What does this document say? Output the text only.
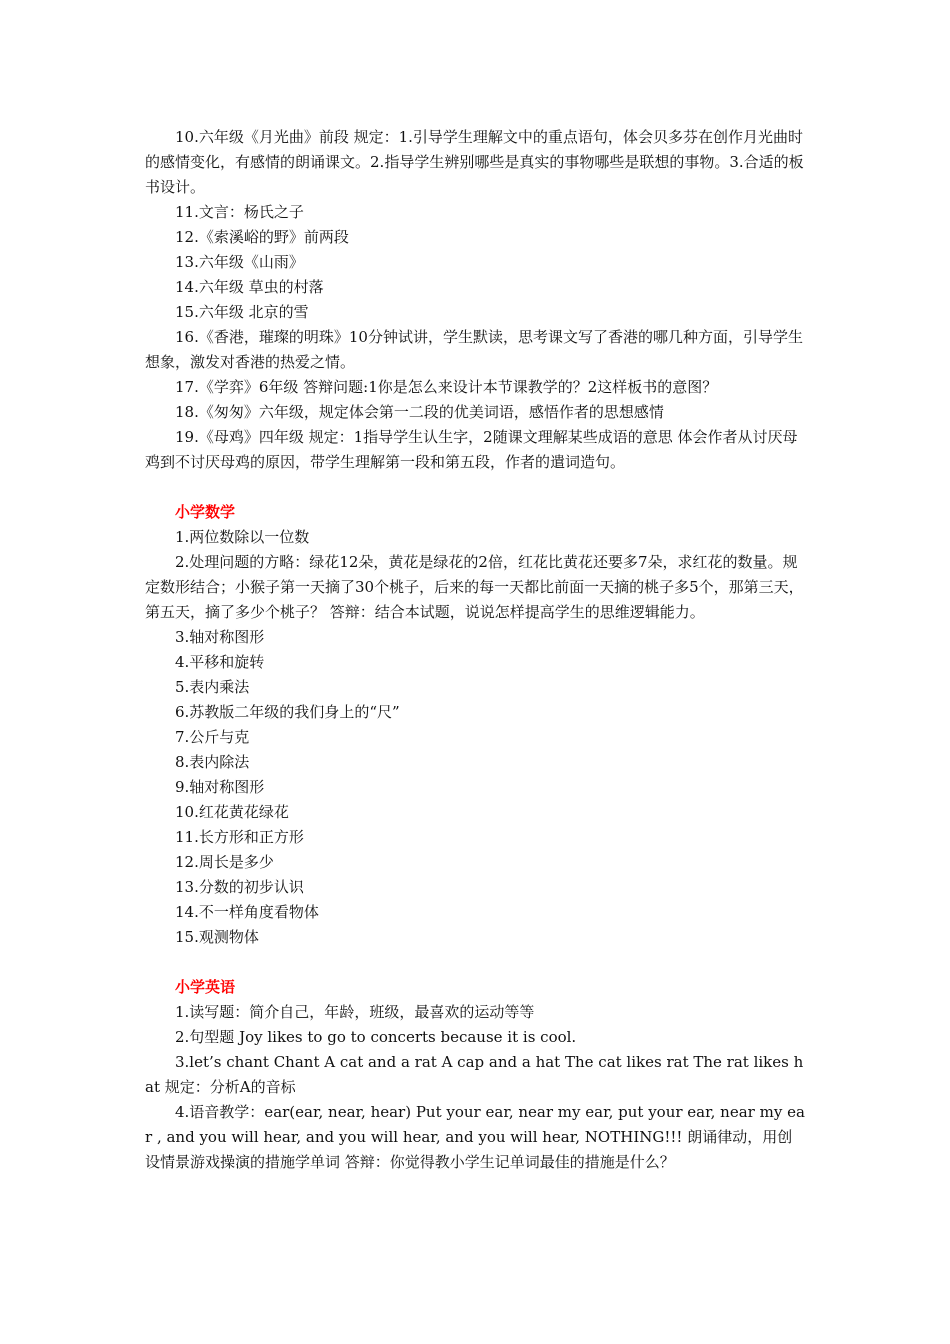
10.六年级《月光曲》前段 规定：1.引导学生理解文中的重点语句，体会贝多芬在创作月光曲时的感情变化，有感情的朗诵课文。2.指导学生辨别哪些是真实的事物哪些是联想的事物。3.合适的板书设计。

11.文言：杨氏之子

12.《索溪峪的野》前两段

13.六年级《山雨》

14.六年级 草虫的村落

15.六年级 北京的雪

16.《香港，璀璨的明珠》10分钟试讲，学生默读，思考课文写了香港的哪几种方面，引导学生想象，激发对香港的热爱之情。

17.《学弈》6年级 答辩问题:1你是怎么来设计本节课教学的？2这样板书的意图？

18.《匆匆》六年级，规定体会第一二段的优美词语，感悟作者的思想感情

19.《母鸡》四年级 规定：1指导学生认生字，2随课文理解某些成语的意思 体会作者从讨厌母鸡到不讨厌母鸡的原因，带学生理解第一段和第五段，作者的遣词造句。

小学数学

1.两位数除以一位数

2.处理问题的方略：绿花12朵，黄花是绿花的2倍，红花比黄花还要多7朵，求红花的数量。规定数形结合；小猴子第一天摘了30个桃子，后来的每一天都比前面一天摘的桃子多5个，那第三天，第五天，摘了多少个桃子？ 答辩：结合本试题，说说怎样提高学生的思维逻辑能力。

3.轴对称图形

4.平移和旋转

5.表内乘法

6.苏教版二年级的我们身上的“尺”

7.公斤与克

8.表内除法

9.轴对称图形

10.红花黄花绿花

11.长方形和正方形

12.周长是多少

13.分数的初步认识

14.不一样角度看物体

15.观测物体

小学英语

1.读写题：简介自己，年龄，班级，最喜欢的运动等等

2.句型题 Joy likes to go to concerts because it is cool.

3.let’s chant Chant A cat and a rat A cap and a hat The cat likes rat The rat likes hat 规定：分析A的音标

4.语音教学：ear(ear, near, hear) Put your ear, near my ear, put your ear, near my ear , and you will hear, and you will hear, and you will hear, NOTHING!!! 朗诵律动，用创设情景游戏操演的措施学单词 答辩：你觉得教小学生记单词最佳的措施是什么？
